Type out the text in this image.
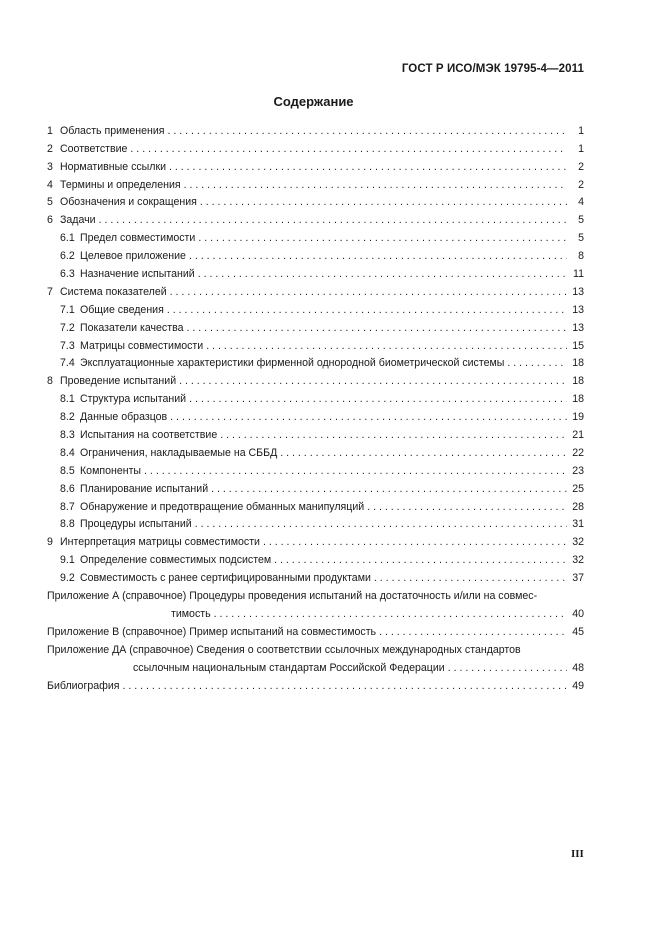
ГОСТ Р ИСО/МЭК 19795-4—2011
Содержание
1 Область применения . . .	1
2 Соответствие . . .	1
3 Нормативные ссылки . . .	2
4 Термины и определения . . .	2
5 Обозначения и сокращения . . .	4
6 Задачи . . .	5
6.1 Предел совместимости . . .	5
6.2 Целевое приложение . . .	8
6.3 Назначение испытаний . . .	11
7 Система показателей . . .	13
7.1 Общие сведения . . .	13
7.2 Показатели качества . . .	13
7.3 Матрицы совместимости . . .	15
7.4 Эксплуатационные характеристики фирменной однородной биометрической системы . . .	18
8 Проведение испытаний . . .	18
8.1 Структура испытаний . . .	18
8.2 Данные образцов . . .	19
8.3 Испытания на соответствие . . .	21
8.4 Ограничения, накладываемые на СББД . . .	22
8.5 Компоненты . . .	23
8.6 Планирование испытаний . . .	25
8.7 Обнаружение и предотвращение обманных манипуляций . . .	28
8.8 Процедуры испытаний . . .	31
9 Интерпретация матрицы совместимости . . .	32
9.1 Определение совместимых подсистем . . .	32
9.2 Совместимость с ранее сертифицированными продуктами . . .	37
Приложение А (справочное) Процедуры проведения испытаний на достаточность и/или на совмес-
тимость . . .	40
Приложение В (справочное) Пример испытаний на совместимость . . .	45
Приложение ДА (справочное) Сведения о соответствии ссылочных международных стандартов
ссылочным национальным стандартам Российской Федерации . . .	48
Библиография . . .	49
III
